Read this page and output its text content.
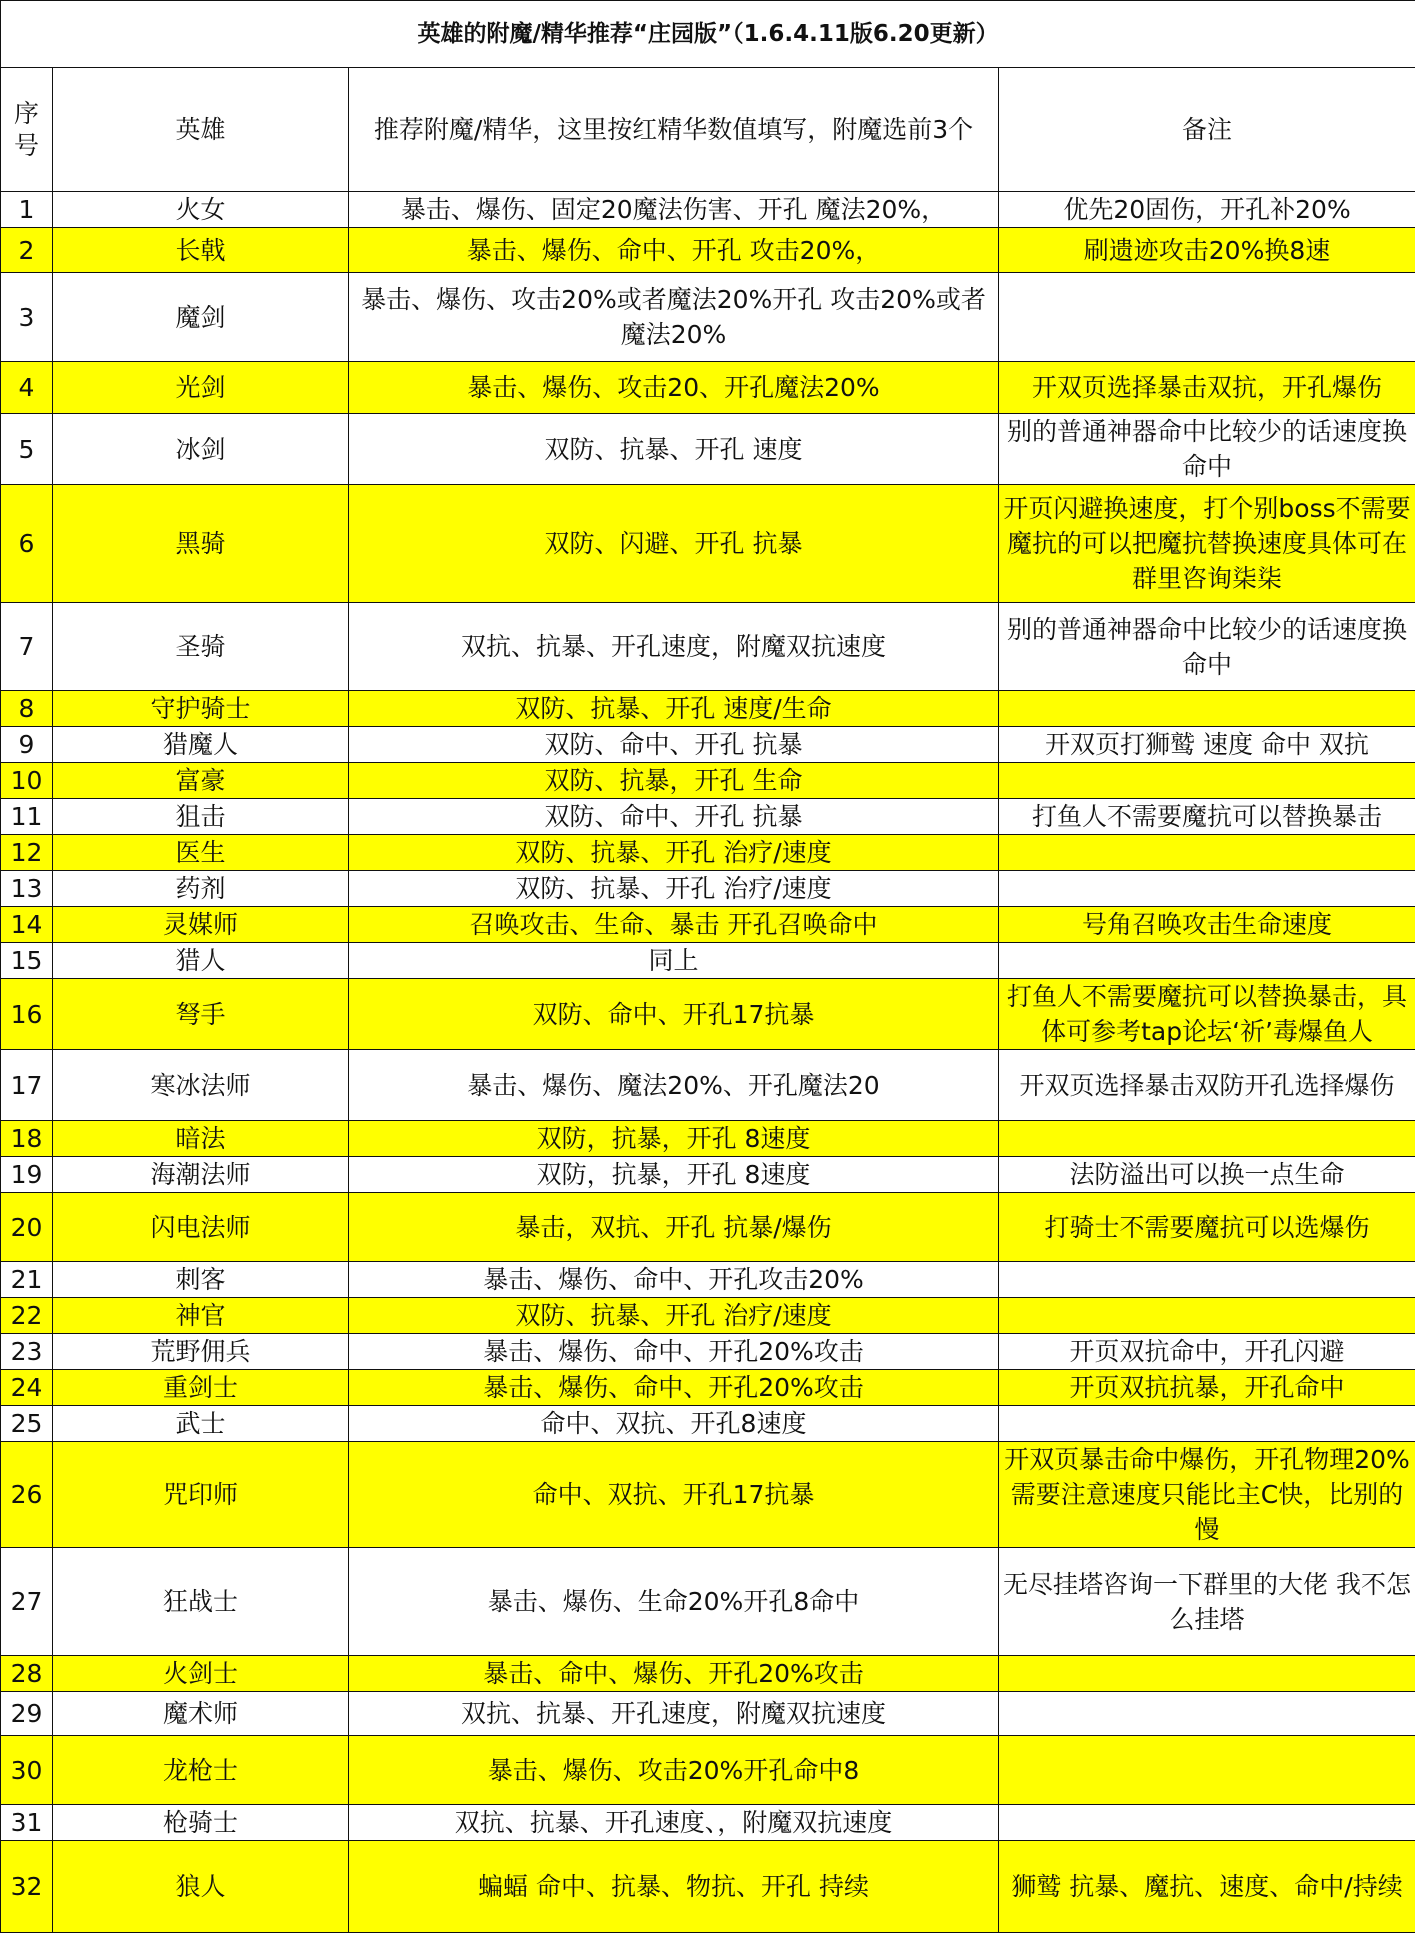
英雄的附魔/精华推荐“庄园版”（1.6.4.11版6.20更新）			
序号	英雄	推荐附魔/精华，这里按红精华数值填写，附魔选前3个	备注
1	火女	暴击、爆伤、固定20魔法伤害、开孔 魔法20%，	优先20固伤，开孔补20%
2	长戟	暴击、爆伤、命中、开孔 攻击20%，	刷遗迹攻击20%换8速
3	魔剑	暴击、爆伤、攻击20%或者魔法20%开孔 攻击20%或者魔法20%	
4	光剑	暴击、爆伤、攻击20、开孔魔法20%	开双页选择暴击双抗，开孔爆伤
5	冰剑	双防、抗暴、开孔 速度	别的普通神器命中比较少的话速度换命中
6	黑骑	双防、闪避、开孔 抗暴	开页闪避换速度，打个别boss不需要魔抗的可以把魔抗替换速度具体可在群里咨询柒柒
7	圣骑	双抗、抗暴、开孔速度，附魔双抗速度	别的普通神器命中比较少的话速度换命中
8	守护骑士	双防、抗暴、开孔 速度/生命	
9	猎魔人	双防、命中、开孔 抗暴	开双页打狮鹫 速度 命中 双抗
10	富豪	双防、抗暴，开孔 生命	
11	狙击	双防、命中、开孔 抗暴	打鱼人不需要魔抗可以替换暴击
12	医生	双防、抗暴、开孔 治疗/速度	
13	药剂	双防、抗暴、开孔 治疗/速度	
14	灵媒师	召唤攻击、生命、暴击 开孔召唤命中	号角召唤攻击生命速度
15	猎人	同上	
16	弩手	双防、命中、开孔17抗暴	打鱼人不需要魔抗可以替换暴击，具体可参考tap论坛‘祈’毒爆鱼人
17	寒冰法师	暴击、爆伤、魔法20%、开孔魔法20	开双页选择暴击双防开孔选择爆伤
18	暗法	双防，抗暴，开孔 8速度	
19	海潮法师	双防，抗暴，开孔 8速度	法防溢出可以换一点生命
20	闪电法师	暴击，双抗、开孔 抗暴/爆伤	打骑士不需要魔抗可以选爆伤
21	刺客	暴击、爆伤、命中、开孔攻击20%	
22	神官	双防、抗暴、开孔 治疗/速度	
23	荒野佣兵	暴击、爆伤、命中、开孔20%攻击	开页双抗命中，开孔闪避
24	重剑士	暴击、爆伤、命中、开孔20%攻击	开页双抗抗暴，开孔命中
25	武士	命中、双抗、开孔8速度	
26	咒印师	命中、双抗、开孔17抗暴	开双页暴击命中爆伤，开孔物理20%需要注意速度只能比主C快，比别的慢
27	狂战士	暴击、爆伤、生命20%开孔8命中	无尽挂塔咨询一下群里的大佬 我不怎么挂塔
28	火剑士	暴击、命中、爆伤、开孔20%攻击	
29	魔术师	双抗、抗暴、开孔速度，附魔双抗速度	
30	龙枪士	暴击、爆伤、攻击20%开孔命中8	
31	枪骑士	双抗、抗暴、开孔速度、，附魔双抗速度	
32	狼人	蝙蝠 命中、抗暴、物抗、开孔 持续	狮鹫 抗暴、魔抗、速度、命中/持续
